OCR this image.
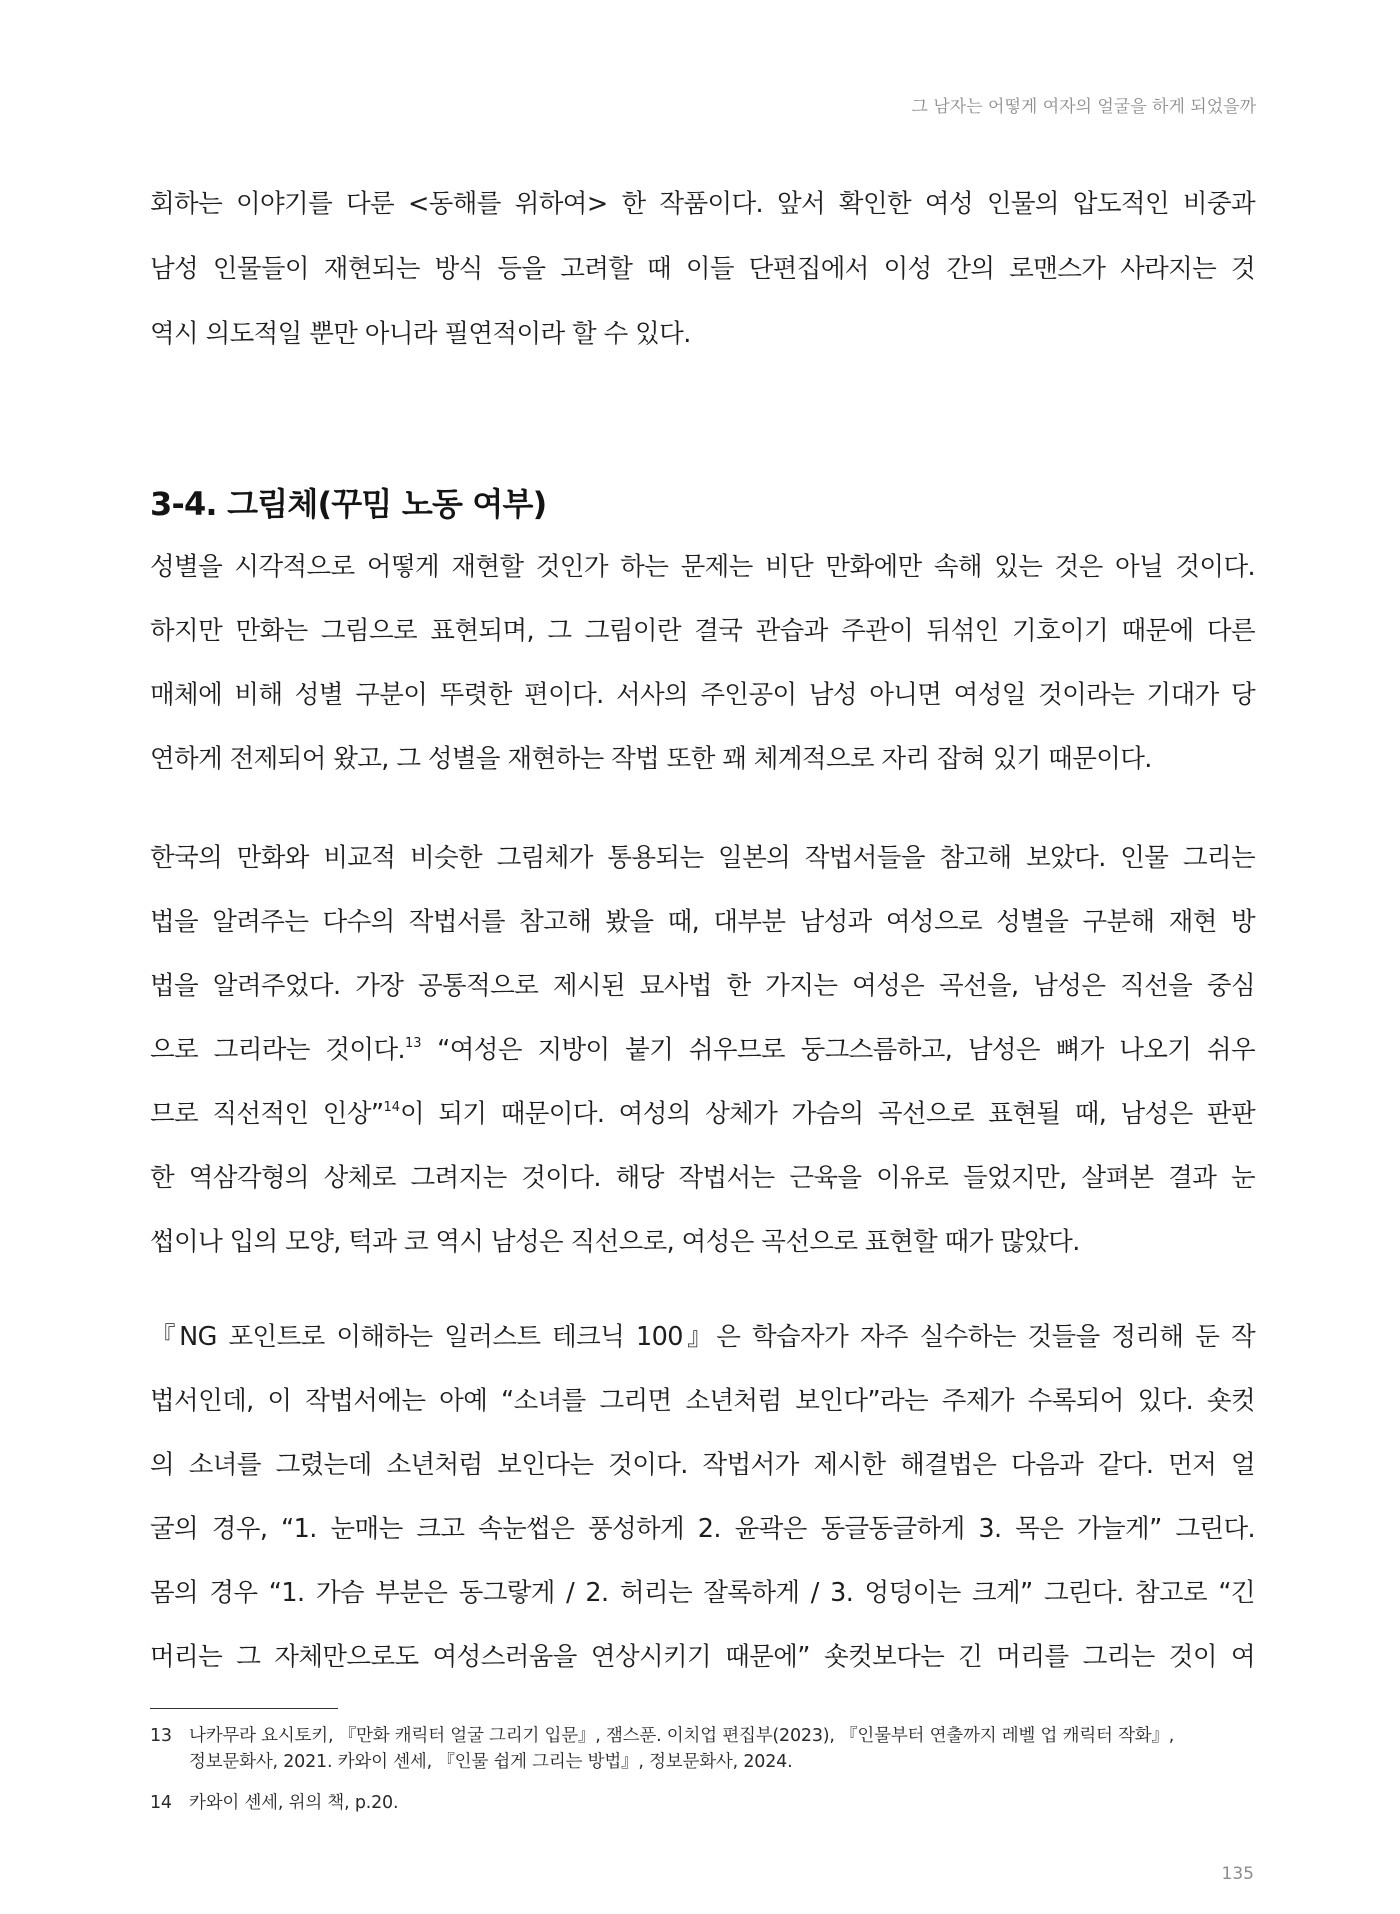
그 남자는 어떻게 여자의 얼굴을 하게 되었을까
회하는 이야기를 다룬 <동해를 위하여> 한 작품이다. 앞서 확인한 여성 인물의 압도적인 비중과
남성 인물들이 재현되는 방식 등을 고려할 때 이들 단편집에서 이성 간의 로맨스가 사라지는 것
역시 의도적일 뿐만 아니라 필연적이라 할 수 있다.
3-4. 그림체(꾸밈 노동 여부)
성별을 시각적으로 어떻게 재현할 것인가 하는 문제는 비단 만화에만 속해 있는 것은 아닐 것이다.
하지만 만화는 그림으로 표현되며, 그 그림이란 결국 관습과 주관이 뒤섞인 기호이기 때문에 다른
매체에 비해 성별 구분이 뚜렷한 편이다. 서사의 주인공이 남성 아니면 여성일 것이라는 기대가 당
연하게 전제되어 왔고, 그 성별을 재현하는 작법 또한 꽤 체계적으로 자리 잡혀 있기 때문이다.
한국의 만화와 비교적 비슷한 그림체가 통용되는 일본의 작법서들을 참고해 보았다. 인물 그리는
법을 알려주는 다수의 작법서를 참고해 봤을 때, 대부분 남성과 여성으로 성별을 구분해 재현 방
법을 알려주었다. 가장 공통적으로 제시된 묘사법 한 가지는 여성은 곡선을, 남성은 직선을 중심
으로 그리라는 것이다.$^{13}$ “여성은 지방이 붙기 쉬우므로 둥그스름하고, 남성은 뼈가 나오기 쉬우
므로 직선적인 인상”$^{14}$이 되기 때문이다. 여성의 상체가 가슴의 곡선으로 표현될 때, 남성은 판판
한 역삼각형의 상체로 그려지는 것이다. 해당 작법서는 근육을 이유로 들었지만, 살펴본 결과 눈
썹이나 입의 모양, 턱과 코 역시 남성은 직선으로, 여성은 곡선으로 표현할 때가 많았다.
『NG 포인트로 이해하는 일러스트 테크닉 100』은 학습자가 자주 실수하는 것들을 정리해 둔 작
법서인데, 이 작법서에는 아예 “소녀를 그리면 소년처럼 보인다”라는 주제가 수록되어 있다. 숏컷
의 소녀를 그렸는데 소년처럼 보인다는 것이다. 작법서가 제시한 해결법은 다음과 같다. 먼저 얼
굴의 경우, “1. 눈매는 크고 속눈썹은 풍성하게 2. 윤곽은 동글동글하게 3. 목은 가늘게” 그린다.
몸의 경우 “1. 가슴 부분은 동그랗게 / 2. 허리는 잘록하게 / 3. 엉덩이는 크게” 그린다. 참고로 “긴
머리는 그 자체만으로도 여성스러움을 연상시키기 때문에” 숏컷보다는 긴 머리를 그리는 것이 여
13 나카무라 요시토키, 『만화 캐릭터 얼굴 그리기 입문』, 잼스푼. 이치업 편집부(2023), 『인물부터 연출까지 레벨 업 캐릭터 작화』,
정보문화사, 2021. 카와이 센세, 『인물 쉽게 그리는 방법』, 정보문화사, 2024.
14 카와이 센세, 위의 책, p.20.
135
